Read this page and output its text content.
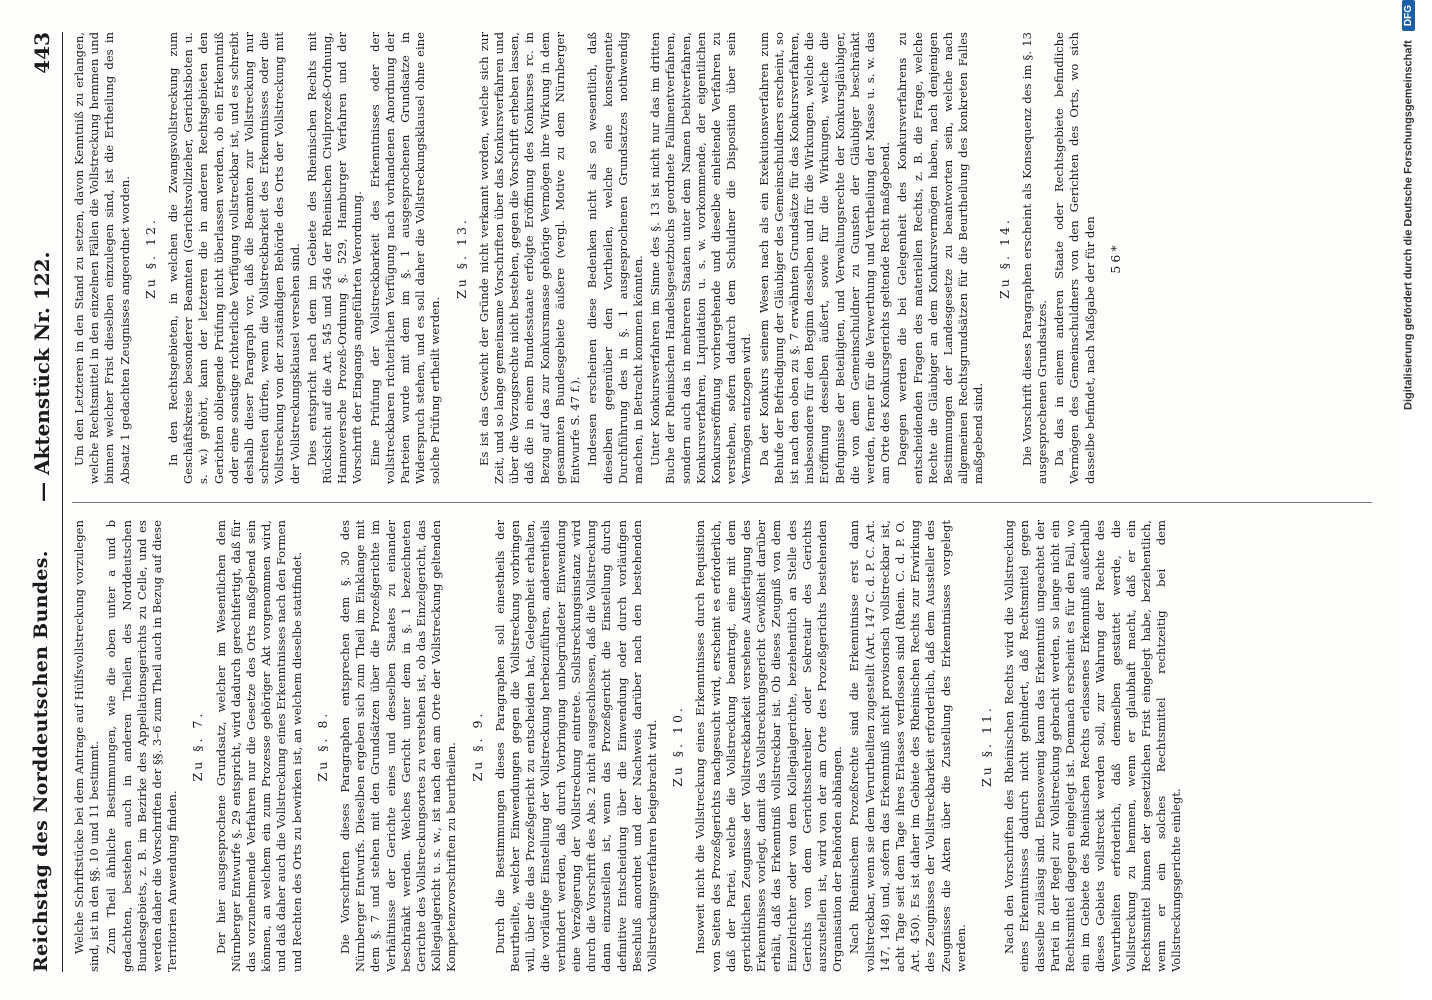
Reichstag des Norddeutschen Bundes.
— Aktenstück Nr. 122.
443

Welche Schriftstücke bei dem Antrage auf Hülfsvollstreckung vorzulegen sind, ist in den §§. 10 und 11 bestimmt. Zum Theil ähnliche Bestimmungen, wie die oben unter a und b gedachten, bestehen auch in anderen Theilen des Norddeutschen Bundesgebiets, z. B. im Bezirke des Appellationsgerichts zu Celle, und es werden daher die Vorschriften der §§. 3–6 zum Theil auch in Bezug auf diese Territorien Anwendung finden.

Zu §. 7. Der hier ausgesprochene Grundsatz, welcher im Wesentlichen dem Nürnberger Entwurfe §. 29 entspricht, wird dadurch gerechtfertigt, daß für das vorzunehmende Verfahren nur die Gesetze des Orts maßgebend sein können, an welchem ein zum Prozesse gehöriger Akt vorgenommen wird, und daß daher auch die Vollstreckung eines Erkenntnisses nach den Formen und Rechten des Orts zu bewirken ist, an welchem dieselbe stattfindet. Zu §. 8. Die Vorschriften dieses Paragraphen entsprechen dem §. 30 des Nürnberger Entwurfs. Dieselben ergeben sich zum Theil im Einklange mit dem §. 7 und stehen mit den Grundsätzen über die Prozeßgerichte im Verhältnisse der Gerichte eines und desselben Staates zu einander beschränkt werden. Welches Gericht unter dem in §. 1 bezeichneten Gerichte des Vollstreckungsortes zu verstehen ist, ob das Einzelgericht, das Kollegialgericht u. s. w., ist nach den am Orte der Vollstreckung geltenden Kompetenzvorschriften zu beurtheilen. Zu §. 9. Durch die Bestimmungen dieses Paragraphen soll einestheils der Beurtheilte, welcher Einwendungen gegen die Vollstreckung vorbringen will, über die das Prozeßgericht zu entscheiden hat, Gelegenheit erhalten, die vorläufige Einstellung der Vollstreckung herbeizuführen, anderentheils verhindert werden, daß durch Vorbringung unbegründeter Einwendung eine Verzögerung der Vollstreckung eintrete. Sollstreckungsinstanz wird durch die Vorschrift des Abs. 2 nicht ausgeschlossen, daß die Vollstreckung dann einzustellen ist, wenn das Prozeßgericht die Einstellung durch definitive Entscheidung über die Einwendung oder durch vorläufigen Beschluß anordnet und der Nachweis darüber nach den bestehenden Vollstreckungsverfahren beigebracht wird. Zu §. 10. Insoweit nicht die Vollstreckung eines Erkenntnisses durch Requisition von Seiten des Prozeßgerichts nachgesucht wird, erscheint es erforderlich, daß der Partei, welche die Vollstreckung beantragt, eine mit dem gerichtlichen Zeugnisse der Vollstreckbarkeit versehene Ausfertigung des Erkenntnisses vorlegt, damit das Vollstreckungsgericht Gewißheit darüber erhält, daß das Erkenntniß vollstreckbar ist. Ob dieses Zeugniß von dem Einzelrichter oder von dem Kollegialgerichte, beziehentlich an Stelle des Gerichts von dem Gerichtsschreiber oder Sekretair des Gerichts auszustellen ist, wird von der am Orte des Prozeßgerichts bestehenden Organisation der Behörden abhängen. Nach Rheinischem Prozeßrechte sind die Erkenntnisse erst dann vollstreckbar, wenn sie dem Verurtheilten zugestellt (Art. 147 C. d. P. C. Art. 147, 148) und, sofern das Erkenntniß nicht provisorisch vollstreckbar ist, acht Tage seit dem Tage ihres Erlasses verflossen sind (Rhein. C. d. P. O. Art. 450). Es ist daher im Gebiete des Rheinischen Rechts zur Erwirkung des Zeugnisses der Vollstreckbarkeit erforderlich, daß dem Aussteller des Zeugnisses die Akten über die Zustellung des Erkenntnisses vorgelegt werden.

Zu §. 11. Nach den Vorschriften des Rheinischen Rechts wird die Vollstreckung eines Erkenntnisses dadurch nicht gehindert, daß Rechtsmittel gegen dasselbe zulässig sind. Ebensowenig kann das Erkenntniß ungeachtet der Partei in der Regel zur Vollstreckung gebracht werden, so lange nicht ein Rechtsmittel dagegen eingelegt ist. Demnach erscheint es für den Fall, wo ein im Gebiete des Rheinischen Rechts erlassenes Erkenntniß außerhalb dieses Gebiets vollstreckt werden soll, zur Wahrung der Rechte des Verurtheilten erforderlich, daß demselben gestattet werde, die Vollstreckung zu hemmen, wenn er glaubhaft macht, daß er ein Rechtsmittel binnen der gesetzlichen Frist eingelegt habe, beziehentlich, wenn er ein solches Rechtsmittel rechtzeitig bei dem Vollstreckungsgerichte einlegt.

Um den Letzteren in den Stand zu setzen, davon Kenntniß zu erlangen, welche Rechtsmittel in den einzelnen Fällen die Vollstreckung hemmen und binnen welcher Frist dieselben einzulegen sind, ist die Ertheilung des in Absatz 1 gedachten Zeugnisses angeordnet worden. Zu §. 12. In den Rechtsgebieten, in welchen die Zwangsvollstreckung zum Geschäftskreise besonderer Beamten (Gerichtsvollzieher, Gerichtsboten u. s. w.) gehört, kann der letzteren die in anderen Rechtsgebieten den Gerichten obliegende Prüfung nicht überlassen werden, ob ein Erkenntniß oder eine sonstige richterliche Verfügung vollstreckbar ist, und es schreibt deshalb dieser Paragraph vor, daß die Beamten zur Vollstreckung nur schreiten dürfen, wenn die Vollstreckbarkeit des Erkenntnisses oder die Vollstreckung von der zuständigen Behörde des Orts der Vollstreckung mit der Vollstreckungsklausel versehen sind. Dies entspricht nach dem im Gebiete des Rheinischen Rechts mit Rücksicht auf die Art. 545 und 546 der Rheinischen Civilprozeß-Ordnung, Hannoversche Prozeß-Ordnung §. 529, Hamburger Verfahren und der Vorschrift der Eingangs angeführten Verordnung. Eine Prüfung der Vollstreckbarkeit des Erkenntnisses oder der vollstreckbaren richterlichen Verfügung nach vorhandenen Anordnung der Parteien wurde mit dem im §. 1 ausgesprochenen Grundsatze in Widerspruch stehen, und es soll daher die Vollstreckungsklausel ohne eine solche Prüfung ertheilt werden.

Zu §. 13. Es ist das Gewicht der Gründe nicht verkannt worden, welche sich zur Zeit, und so lange gemeinsame Vorschriften über das Konkursverfahren und über die Vorzugsrechte nicht bestehen, gegen die Vorschrift erheben lassen, daß die in einem Bundesstaate erfolgte Eröffnung des Konkurses rc. in Bezug auf das zur Konkursmasse gehörige Vermögen ihre Wirkung in dem gesammten Bundesgebiete äußere (vergl. Motive zu dem Nürnberger Entwurfe S. 47 f.). Indessen erscheinen diese Bedenken nicht als so wesentlich, daß dieselben gegenüber den Vortheilen, welche eine konsequente Durchführung des in §. 1 ausgesprochenen Grundsatzes nothwendig machen, in Betracht kommen könnten. Unter Konkursverfahren im Sinne des §. 13 ist nicht nur das im dritten Buche der Rheinischen Handelsgesetzbuchs geordnete Fallimentverfahren, sondern auch das in mehreren Staaten unter dem Namen Debitverfahren, Konkursverfahren, Liquidation u. s. w. vorkommende, der eigentlichen Konkurseröffnung vorhergehende und dieselbe einleitende Verfahren zu verstehen, sofern dadurch dem Schuldner die Disposition über sein Vermögen entzogen wird. Da der Konkurs seinem Wesen nach als ein Exekutionsverfahren zum Behufe der Befriedigung der Gläubiger des Gemeinschuldners erscheint, so ist nach den oben zu §. 7 erwähnten Grundsätze für das Konkursverfahren, insbesondere für den Beginn desselben und für die Wirkungen, welche die Eröffnung desselben äußert, sowie für die Wirkungen, welche die Befugnisse der Beteiligten, und Verwaltungsrechte der Konkursgläubiger, die von dem Gemeinschuldner zu Gunsten der Gläubiger beschränkt werden, ferner für die Verwerthung und Vertheilung der Masse u. s. w. das am Orte des Konkursgerichts geltende Recht maßgebend. Dagegen werden die bei Gelegenheit des Konkursverfahrens zu entscheidenden Fragen des materiellen Rechts, z. B. die Frage, welche Rechte die Gläubiger an dem Konkursvermögen haben, nach denjenigen Bestimmungen der Landesgesetze zu beantworten sein, welche nach allgemeinen Rechtsgrundsätzen für die Beurtheilung des konkreten Falles maßgebend sind.

Zu §. 14. Die Vorschrift dieses Paragraphen erscheint als Konsequenz des im §. 13 ausgesprochenen Grundsatzes. Da das in einem anderen Staate oder Rechtsgebiete befindliche Vermögen des Gemeinschuldners von den Gerichten des Orts, wo sich dasselbe befindet, nach Maßgabe der für den 56*	Digitalisierung gefördert durch die Deutsche Forschungsgemeinschaft DFG
